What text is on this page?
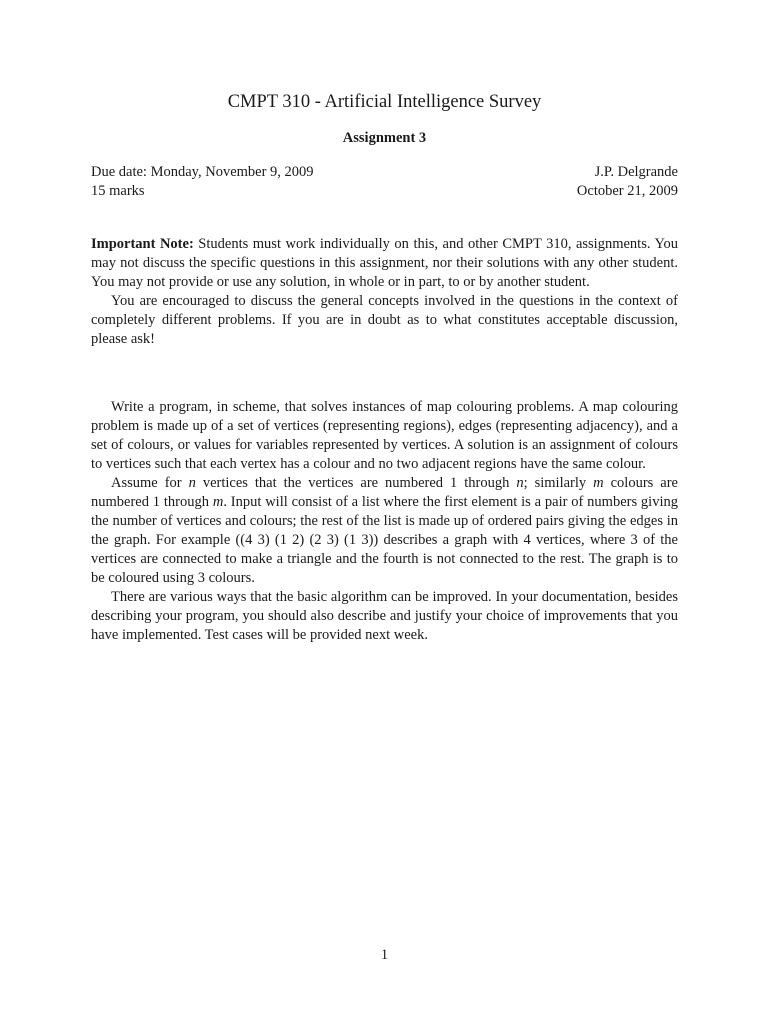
CMPT 310 - Artificial Intelligence Survey
Assignment 3
Due date: Monday, November 9, 2009	J.P. Delgrande
15 marks	October 21, 2009

Important Note: Students must work individually on this, and other CMPT 310, assignments. You may not discuss the specific questions in this assignment, nor their solutions with any other student. You may not provide or use any solution, in whole or in part, to or by another student.

You are encouraged to discuss the general concepts involved in the questions in the context of completely different problems. If you are in doubt as to what constitutes acceptable discussion, please ask!

Write a program, in scheme, that solves instances of map colouring problems. A map colouring problem is made up of a set of vertices (representing regions), edges (representing adjacency), and a set of colours, or values for variables represented by vertices. A solution is an assignment of colours to vertices such that each vertex has a colour and no two adjacent regions have the same colour.

Assume for n vertices that the vertices are numbered 1 through n; similarly m colours are numbered 1 through m. Input will consist of a list where the first element is a pair of numbers giving the number of vertices and colours; the rest of the list is made up of ordered pairs giving the edges in the graph. For example ((4 3) (1 2) (2 3) (1 3)) describes a graph with 4 vertices, where 3 of the vertices are connected to make a triangle and the fourth is not connected to the rest. The graph is to be coloured using 3 colours.

There are various ways that the basic algorithm can be improved. In your documentation, besides describing your program, you should also describe and justify your choice of improvements that you have implemented. Test cases will be provided next week.

1
